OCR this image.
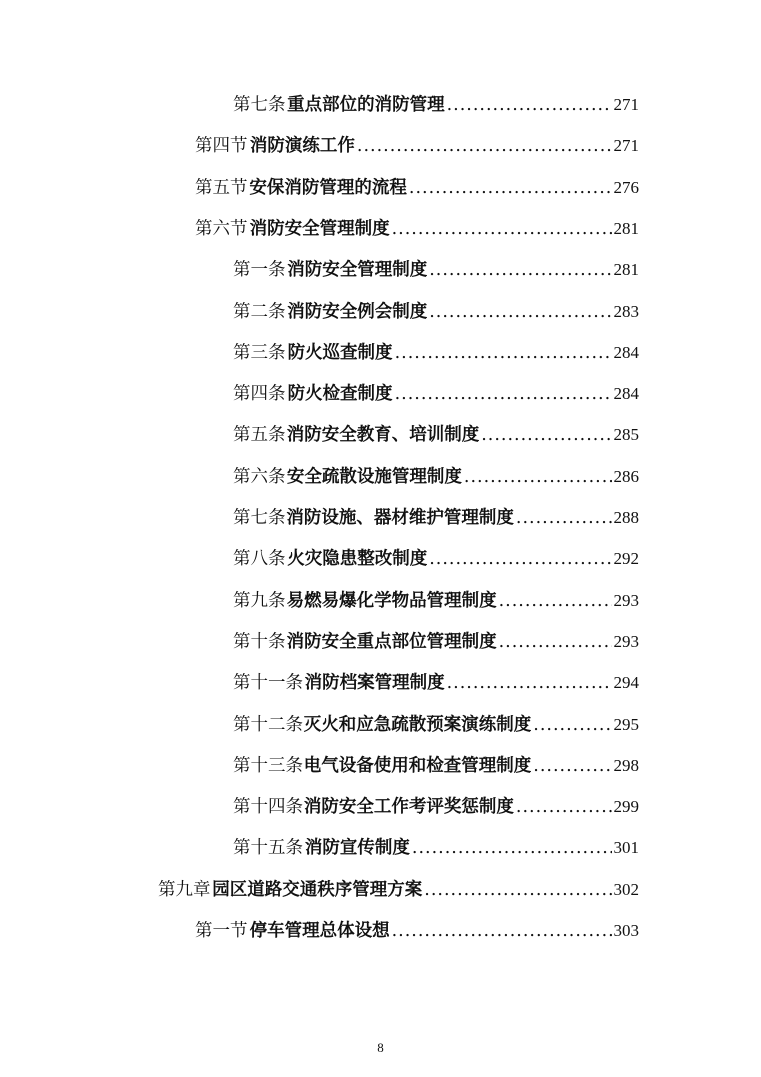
第七条 重点部位的消防管理 .....	271
第四节 消防演练工作 .....	271
第五节 安保消防管理的流程 .....	276
第六节 消防安全管理制度 .....	281
第一条 消防安全管理制度 .....	281
第二条 消防安全例会制度 .....	283
第三条 防火巡查制度 .....	284
第四条 防火检查制度 .....	284
第五条 消防安全教育、培训制度 .....	285
第六条 安全疏散设施管理制度 .....	286
第七条 消防设施、器材维护管理制度 .....	288
第八条 火灾隐患整改制度 .....	292
第九条 易燃易爆化学物品管理制度 .....	293
第十条 消防安全重点部位管理制度 .....	293
第十一条 消防档案管理制度 .....	294
第十二条 灭火和应急疏散预案演练制度 .....	295
第十三条 电气设备使用和检查管理制度 .....	298
第十四条 消防安全工作考评奖惩制度 .....	299
第十五条 消防宣传制度 .....	301
第九章 园区道路交通秩序管理方案 .....	302
第一节 停车管理总体设想 .....	303
8
